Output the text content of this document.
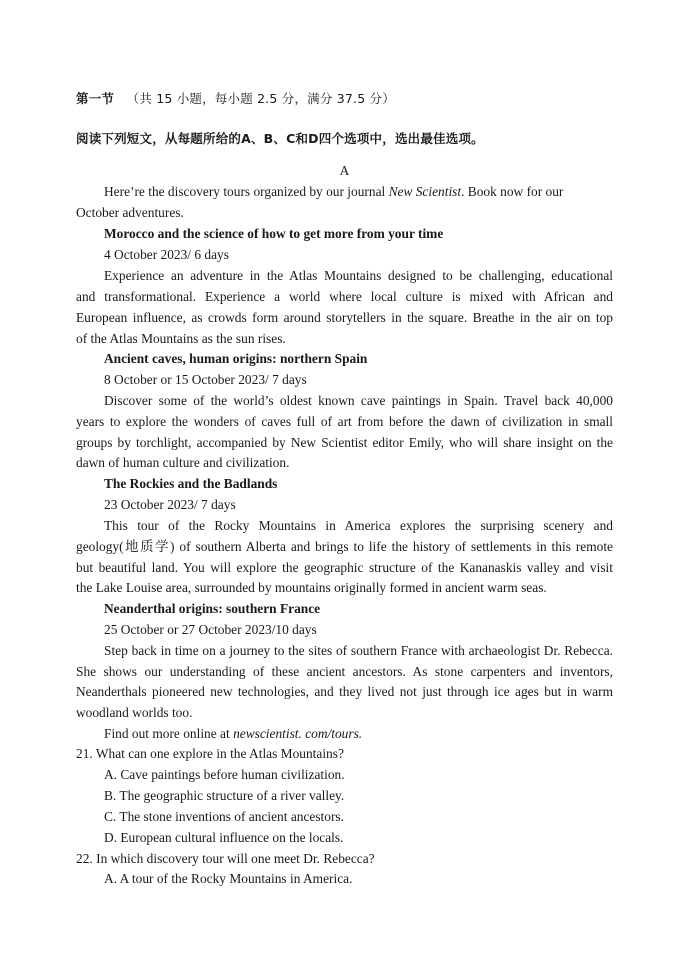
第一节 （共 15 小题，每小题 2.5 分，满分 37.5 分）
阅读下列短文，从每题所给的A、B、C和D四个选项中，选出最佳选项。
A
Here’re the discovery tours organized by our journal New Scientist. Book now for our
October adventures.
Morocco and the science of how to get more from your time
4 October 2023/ 6 days
Experience an adventure in the Atlas Mountains designed to be challenging, educational
and transformational. Experience a world where local culture is mixed with African and
European influence, as crowds form around storytellers in the square. Breathe in the air on top
of the Atlas Mountains as the sun rises.
Ancient caves, human origins: northern Spain
8 October or 15 October 2023/ 7 days
Discover some of the world’s oldest known cave paintings in Spain. Travel back 40,000
years to explore the wonders of caves full of art from before the dawn of civilization in small
groups by torchlight, accompanied by New Scientist editor Emily, who will share insight on the
dawn of human culture and civilization.
The Rockies and the Badlands
23 October 2023/ 7 days
This tour of the Rocky Mountains in America explores the surprising scenery and
geology(地质学) of southern Alberta and brings to life the history of settlements in this remote
but beautiful land. You will explore the geographic structure of the Kananaskis valley and visit
the Lake Louise area, surrounded by mountains originally formed in ancient warm seas.
Neanderthal origins: southern France
25 October or 27 October 2023/10 days
Step back in time on a journey to the sites of southern France with archaeologist Dr. Rebecca.
She shows our understanding of these ancient ancestors. As stone carpenters and inventors,
Neanderthals pioneered new technologies, and they lived not just through ice ages but in warm
woodland worlds too.
Find out more online at newscientist. com/tours.
21. What can one explore in the Atlas Mountains?
A. Cave paintings before human civilization.
B. The geographic structure of a river valley.
C. The stone inventions of ancient ancestors.
D. European cultural influence on the locals.
22. In which discovery tour will one meet Dr. Rebecca?
A. A tour of the Rocky Mountains in America.
